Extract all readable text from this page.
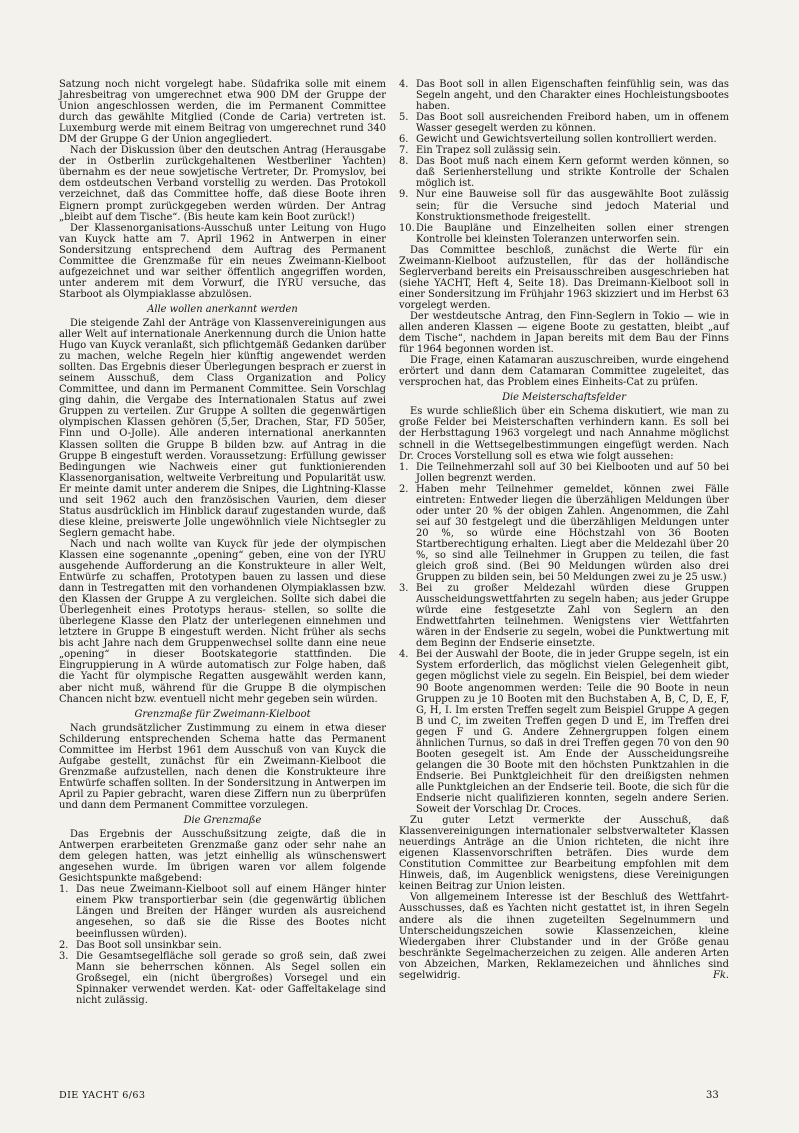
Satzung noch nicht vorgelegt habe. Südafrika solle mit einem Jahresbeitrag von umgerechnet etwa 900 DM der Gruppe der Union angeschlossen werden, die im Permanent Committee durch das gewählte Mitglied (Conde de Caria) vertreten ist. Luxemburg werde mit einem Beitrag von umgerechnet rund 340 DM der Gruppe G der Union angegliedert.

Nach der Diskussion über den deutschen Antrag (Herausgabe der in Ostberlin zurückgehaltenen Westberliner Yachten) übernahm es der neue sowjetische Vertreter, Dr. Promyslov, bei dem ostdeutschen Verband vorstellig zu werden. Das Protokoll verzeichnet, daß das Committee hoffe, daß diese Boote ihren Eignern prompt zurückgegeben werden würden. Der Antrag „bleibt auf dem Tische“. (Bis heute kam kein Boot zurück!)

Der Klassenorganisations-Ausschuß unter Leitung von Hugo van Kuyck hatte am 7. April 1962 in Antwerpen in einer Sondersitzung entsprechend dem Auftrag des Permanent Committee die Grenzmaße für ein neues Zweimann-Kielboot aufgezeichnet und war seither öffentlich angegriffen worden, unter anderem mit dem Vorwurf, die IYRU versuche, das Starboot als Olympiaklasse abzulösen.

Alle wollen anerkannt werden

Die steigende Zahl der Anträge von Klassenvereinigungen aus aller Welt auf internationale Anerkennung durch die Union hatte Hugo van Kuyck veranlaßt, sich pflichtgemäß Gedanken darüber zu machen, welche Regeln hier künftig angewendet werden sollten. Das Ergebnis dieser Überlegungen besprach er zuerst in seinem Ausschuß, dem Class Organization and Policy Committee, und dann im Permanent Committee. Sein Vorschlag ging dahin, die Vergabe des Internationalen Status auf zwei Gruppen zu verteilen. Zur Gruppe A sollten die gegenwärtigen olympischen Klassen gehören (5,5er, Drachen, Star, FD 505er, Finn und O-Jolle). Alle anderen international anerkannten Klassen sollten die Gruppe B bilden bzw. auf Antrag in die Gruppe B eingestuft werden. Voraussetzung: Erfüllung gewisser Bedingungen wie Nachweis einer gut funktionierenden Klassenorganisation, weltweite Verbreitung und Popularität usw. Er meinte damit unter anderem die Snipes, die Lightning-Klasse und seit 1962 auch den französischen Vaurien, dem dieser Status ausdrücklich im Hinblick darauf zugestanden wurde, daß diese kleine, preiswerte Jolle ungewöhnlich viele Nichtsegler zu Seglern gemacht habe.

Nach und nach wollte van Kuyck für jede der olympischen Klassen eine sogenannte „opening“ geben, eine von der IYRU ausgehende Aufforderung an die Konstrukteure in aller Welt, Entwürfe zu schaffen, Prototypen bauen zu lassen und diese dann in Testregatten mit den vorhandenen Olympiaklassen bzw. den Klassen der Gruppe A zu vergleichen. Sollte sich dabei die Überlegenheit eines Prototyps heraus- stellen, so sollte die überlegene Klasse den Platz der unterlegenen einnehmen und letztere in Gruppe B eingestuft werden. Nicht früher als sechs bis acht Jahre nach dem Gruppenwechsel sollte dann eine neue „opening“ in dieser Bootskategorie stattfinden. Die Eingruppierung in A würde automatisch zur Folge haben, daß die Yacht für olympische Regatten ausgewählt werden kann, aber nicht muß, während für die Gruppe B die olympischen Chancen nicht bzw. eventuell nicht mehr gegeben sein würden.

Grenzmaße für Zweimann-Kielboot

Nach grundsätzlicher Zustimmung zu einem in etwa dieser Schilderung entsprechenden Schema hatte das Permanent Committee im Herbst 1961 dem Ausschuß von van Kuyck die Aufgabe gestellt, zunächst für ein Zweimann-Kielboot die Grenzmaße aufzustellen, nach denen die Konstrukteure ihre Entwürfe schaffen sollten. In der Sondersitzung in Antwerpen im April zu Papier gebracht, waren diese Ziffern nun zu überprüfen und dann dem Permanent Committee vorzulegen.

Die Grenzmaße

Das Ergebnis der Ausschußsitzung zeigte, daß die in Antwerpen erarbeiteten Grenzmaße ganz oder sehr nahe an dem gelegen hatten, was jetzt einhellig als wünschenswert angesehen wurde. Im übrigen waren vor allem folgende Gesichtspunkte maßgebend:

1. Das neue Zweimann-Kielboot soll auf einem Hänger hinter einem Pkw transportierbar sein (die gegenwärtig üblichen Längen und Breiten der Hänger wurden als ausreichend angesehen, so daß sie die Risse des Bootes nicht beeinflussen würden).
2. Das Boot soll unsinkbar sein.
3. Die Gesamtsegelfläche soll gerade so groß sein, daß zwei Mann sie beherrschen können. Als Segel sollen ein Großsegel, ein (nicht übergroßes) Vorsegel und ein Spinnaker verwendet werden. Kat- oder Gaffeltakelage sind nicht zulässig.
4. Das Boot soll in allen Eigenschaften feinfühlig sein, was das Segeln angeht, und den Charakter eines Hochleistungsbootes haben.
5. Das Boot soll ausreichenden Freibord haben, um in offenem Wasser gesegelt werden zu können.
6. Gewicht und Gewichtsverteilung sollen kontrolliert werden.
7. Ein Trapez soll zulässig sein.
8. Das Boot muß nach einem Kern geformt werden können, so daß Serienherstellung und strikte Kontrolle der Schalen möglich ist.
9. Nur eine Bauweise soll für das ausgewählte Boot zulässig sein; für die Versuche sind jedoch Material und Konstruktionsmethode freigestellt.
10. Die Baupläne und Einzelheiten sollen einer strengen Kontrolle bei kleinsten Toleranzen unterworfen sein.

Das Committee beschloß, zunächst die Werte für ein Zweimann-Kielboot aufzustellen, für das der holländische Seglerverband bereits ein Preisausschreiben ausgeschrieben hat (siehe YACHT, Heft 4, Seite 18). Das Dreimann-Kielboot soll in einer Sondersitzung im Frühjahr 1963 skizziert und im Herbst 63 vorgelegt werden.

Der westdeutsche Antrag, den Finn-Seglern in Tokio — wie in allen anderen Klassen — eigene Boote zu gestatten, bleibt „auf dem Tische“, nachdem in Japan bereits mit dem Bau der Finns für 1964 begonnen worden ist.

Die Frage, einen Katamaran auszuschreiben, wurde eingehend erörtert und dann dem Catamaran Committee zugeleitet, das versprochen hat, das Problem eines Einheits-Cat zu prüfen.

Die Meisterschaftsfelder

Es wurde schließlich über ein Schema diskutiert, wie man zu große Felder bei Meisterschaften verhindern kann. Es soll bei der Herbsttagung 1963 vorgelegt und nach Annahme möglichst schnell in die Wettsegelbestimmungen eingefügt werden. Nach Dr. Croces Vorstellung soll es etwa wie folgt aussehen:

1. Die Teilnehmerzahl soll auf 30 bei Kielbooten und auf 50 bei Jollen begrenzt werden.
2. Haben mehr Teilnehmer gemeldet, können zwei Fälle eintreten: Entweder liegen die überzähligen Meldungen über oder unter 20 % der obigen Zahlen. Angenommen, die Zahl sei auf 30 festgelegt und die überzähligen Meldungen unter 20 %, so würde eine Höchstzahl von 36 Booten Startberechtigung erhalten. Liegt aber die Meldezahl über 20 %, so sind alle Teilnehmer in Gruppen zu teilen, die fast gleich groß sind. (Bei 90 Meldungen würden also drei Gruppen zu bilden sein, bei 50 Meldungen zwei zu je 25 usw.)
3. Bei zu großer Meldezahl würden diese Gruppen Ausscheidungswettfahrten zu segeln haben; aus jeder Gruppe würde eine festgesetzte Zahl von Seglern an den Endwettfahrten teilnehmen. Wenigstens vier Wettfahrten wären in der Endserie zu segeln, wobei die Punktwertung mit dem Beginn der Endserie einsetzte.
4. Bei der Auswahl der Boote, die in jeder Gruppe segeln, ist ein System erforderlich, das möglichst vielen Gelegenheit gibt, gegen möglichst viele zu segeln. Ein Beispiel, bei dem wieder 90 Boote angenommen werden: Teile die 90 Boote in neun Gruppen zu je 10 Booten mit den Buchstaben A, B, C, D, E, F, G, H, I. Im ersten Treffen segelt zum Beispiel Gruppe A gegen B und C, im zweiten Treffen gegen D und E, im Treffen drei gegen F und G. Andere Zehnergruppen folgen einem ähnlichen Turnus, so daß in drei Treffen gegen 70 von den 90 Booten gesegelt ist. Am Ende der Ausscheidungsreihe gelangen die 30 Boote mit den höchsten Punktzahlen in die Endserie. Bei Punktgleichheit für den dreißigsten nehmen alle Punktgleichen an der Endserie teil. Boote, die sich für die Endserie nicht qualifizieren konnten, segeln andere Serien. Soweit der Vorschlag Dr. Croces.

Zu guter Letzt vermerkte der Ausschuß, daß Klassenvereinigungen internationaler selbstverwalteter Klassen neuerdings Anträge an die Union richteten, die nicht ihre eigenen Klassenvorschriften beträfen. Dies wurde dem Constitution Committee zur Bearbeitung empfohlen mit dem Hinweis, daß, im Augenblick wenigstens, diese Vereinigungen keinen Beitrag zur Union leisten.

Von allgemeinem Interesse ist der Beschluß des Wettfahrt-Ausschusses, daß es Yachten nicht gestattet ist, in ihren Segeln andere als die ihnen zugeteilten Segelnummern und Unterscheidungszeichen sowie Klassenzeichen, kleine Wiedergaben ihrer Clubstander und in der Größe genau beschränkte Segelmacherzeichen zu zeigen. Alle anderen Arten von Abzeichen, Marken, Reklamezeichen und ähnliches sind segelwidrig.	Fk.
DIE YACHT 6/63	33
